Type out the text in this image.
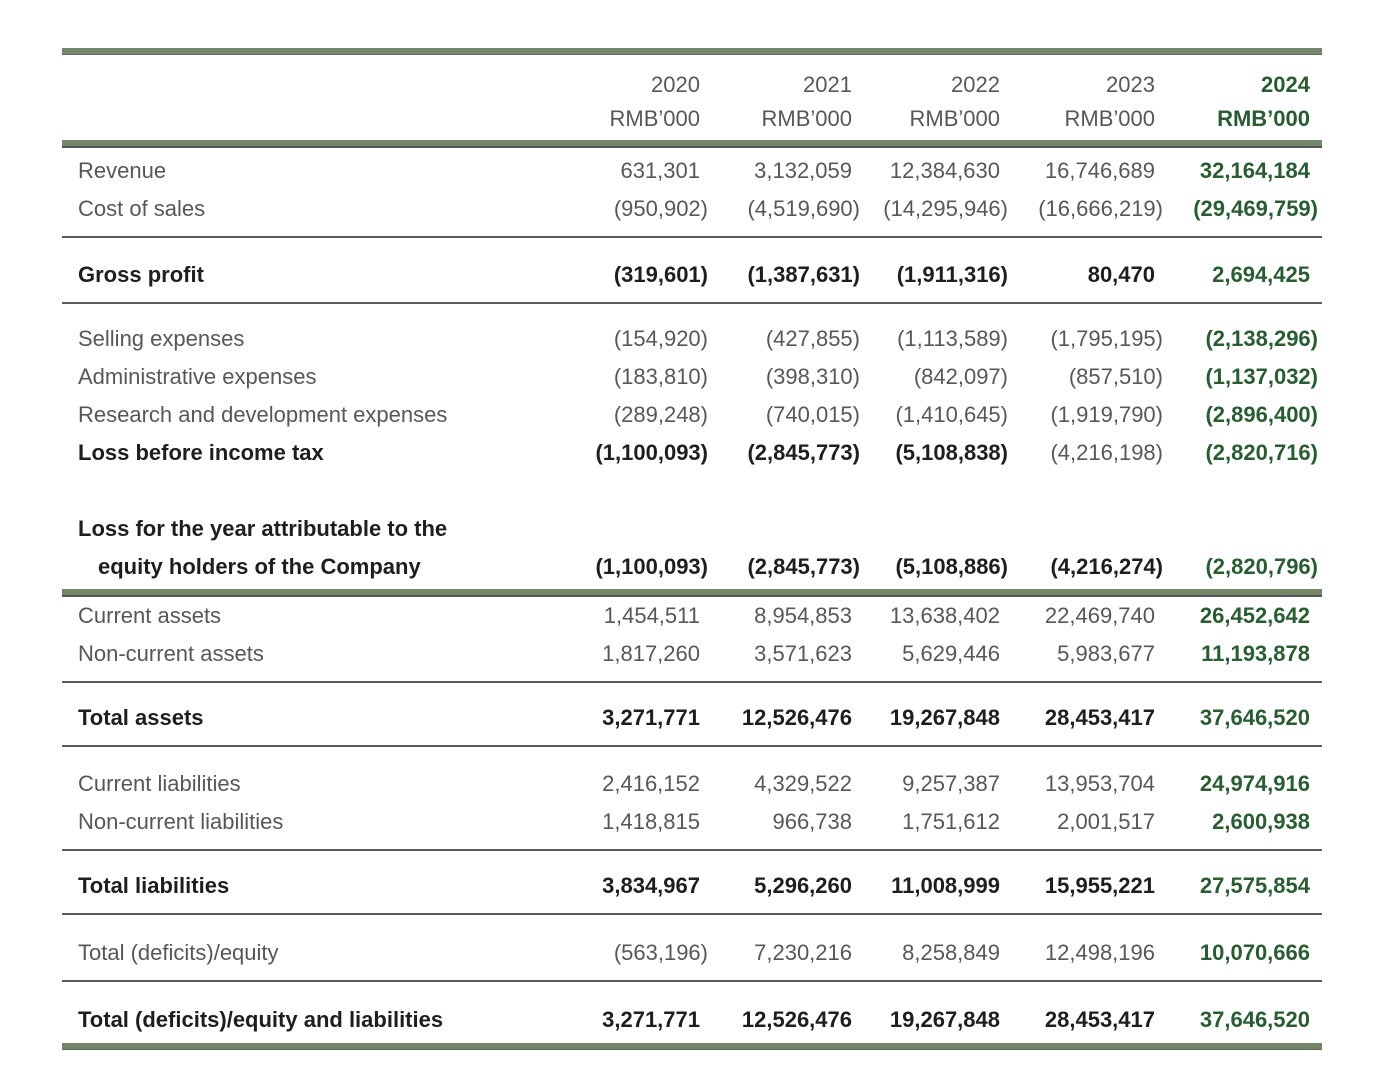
2020	2021	2022	2023	2024
RMB’000	RMB’000	RMB’000	RMB’000	RMB’000
Revenue	631,301	3,132,059	12,384,630	16,746,689	32,164,184
Cost of sales	(950,902)	(4,519,690)	(14,295,946)	(16,666,219)	(29,469,759)
Gross profit	(319,601)	(1,387,631)	(1,911,316)	80,470	2,694,425
Selling expenses	(154,920)	(427,855)	(1,113,589)	(1,795,195)	(2,138,296)
Administrative expenses	(183,810)	(398,310)	(842,097)	(857,510)	(1,137,032)
Research and development expenses	(289,248)	(740,015)	(1,410,645)	(1,919,790)	(2,896,400)
Loss before income tax	(1,100,093)	(2,845,773)	(5,108,838)	(4,216,198)	(2,820,716)
Loss for the year attributable to the
equity holders of the Company	(1,100,093)	(2,845,773)	(5,108,886)	(4,216,274)	(2,820,796)
Current assets	1,454,511	8,954,853	13,638,402	22,469,740	26,452,642
Non-current assets	1,817,260	3,571,623	5,629,446	5,983,677	11,193,878
Total assets	3,271,771	12,526,476	19,267,848	28,453,417	37,646,520
Current liabilities	2,416,152	4,329,522	9,257,387	13,953,704	24,974,916
Non-current liabilities	1,418,815	966,738	1,751,612	2,001,517	2,600,938
Total liabilities	3,834,967	5,296,260	11,008,999	15,955,221	27,575,854
Total (deficits)/equity	(563,196)	7,230,216	8,258,849	12,498,196	10,070,666
Total (deficits)/equity and liabilities	3,271,771	12,526,476	19,267,848	28,453,417	37,646,520
